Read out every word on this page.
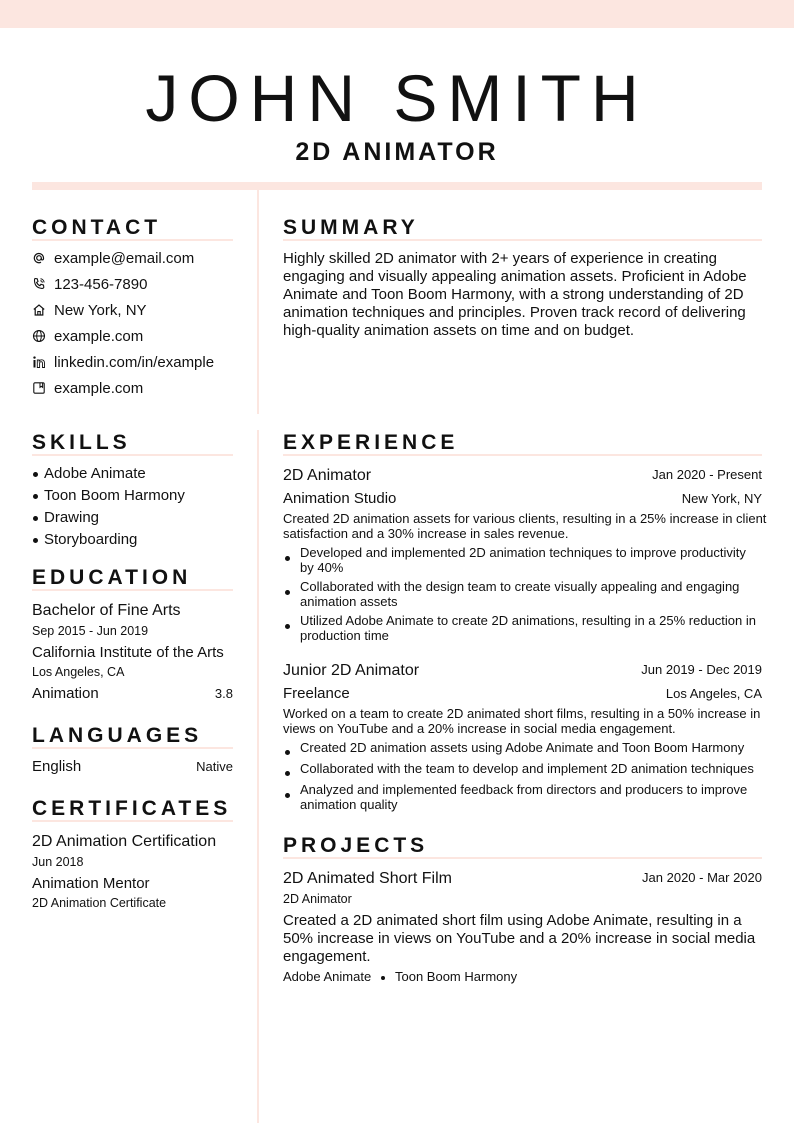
JOHN SMITH
2D ANIMATOR
CONTACT
example@email.com
123-456-7890
New York, NY
example.com
linkedin.com/in/example
example.com
SUMMARY
Highly skilled 2D animator with 2+ years of experience in creating
engaging and visually appealing animation assets. Proficient in Adobe
Animate and Toon Boom Harmony, with a strong understanding of 2D
animation techniques and principles. Proven track record of delivering
high-quality animation assets on time and on budget.
SKILLS
Adobe Animate
Toon Boom Harmony
Drawing
Storyboarding
EDUCATION
Bachelor of Fine Arts
Sep 2015 - Jun 2019
California Institute of the Arts
Los Angeles, CA
Animation	3.8
LANGUAGES
English	Native
CERTIFICATES
2D Animation Certification
Jun 2018
Animation Mentor
2D Animation Certificate
EXPERIENCE
2D Animator	Jan 2020 - Present
Animation Studio	New York, NY
Created 2D animation assets for various clients, resulting in a 25% increase in client
satisfaction and a 30% increase in sales revenue.
Developed and implemented 2D animation techniques to improve productivity
by 40%
Collaborated with the design team to create visually appealing and engaging
animation assets
Utilized Adobe Animate to create 2D animations, resulting in a 25% reduction in
production time
Junior 2D Animator	Jun 2019 - Dec 2019
Freelance	Los Angeles, CA
Worked on a team to create 2D animated short films, resulting in a 50% increase in
views on YouTube and a 20% increase in social media engagement.
Created 2D animation assets using Adobe Animate and Toon Boom Harmony
Collaborated with the team to develop and implement 2D animation techniques
Analyzed and implemented feedback from directors and producers to improve
animation quality
PROJECTS
2D Animated Short Film	Jan 2020 - Mar 2020
2D Animator
Created a 2D animated short film using Adobe Animate, resulting in a
50% increase in views on YouTube and a 20% increase in social media
engagement.
Adobe Animate Toon Boom Harmony
